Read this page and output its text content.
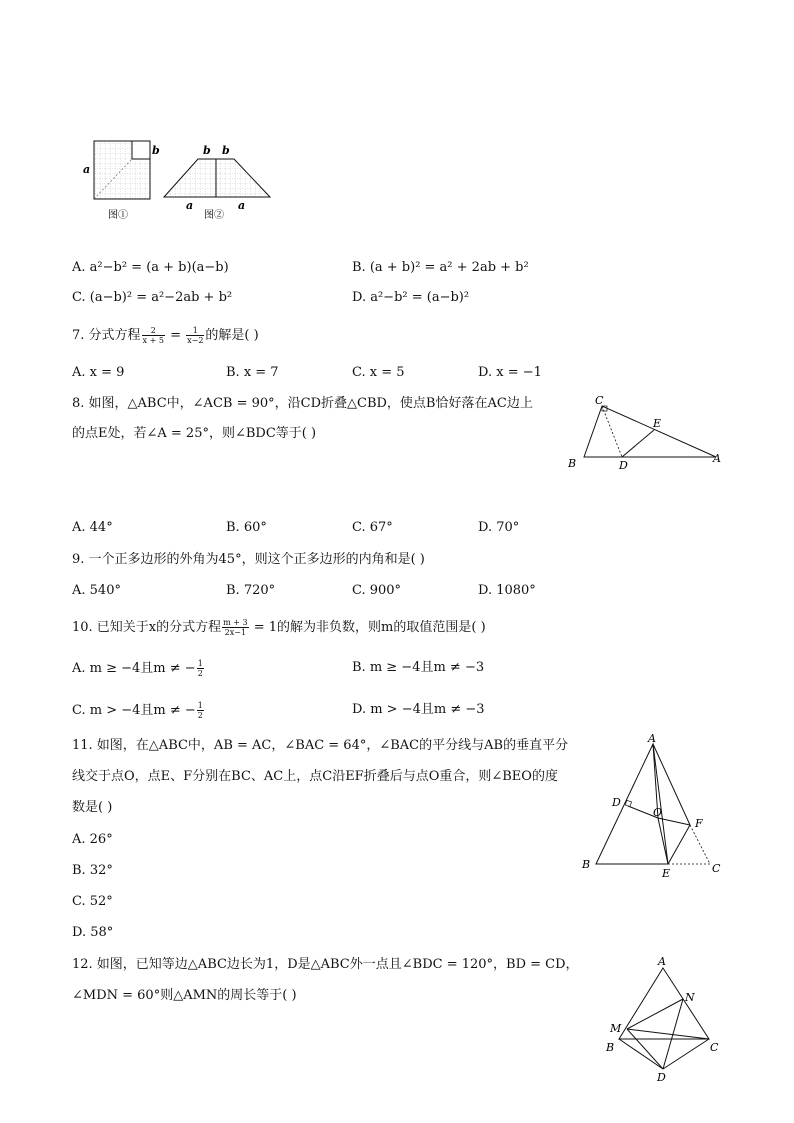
a
b
图①
b b
a	a
图②
A. a²−b² = (a + b)(a−b)	B. (a + b)² = a² + 2ab + b²
C. (a−b)² = a²−2ab + b²	D. a²−b² = (a−b)²
7. 分式方程 $\frac{2}{x + 5} = \frac{1}{x-2}$ 的解是( )
A. x = 9	B. x = 7	C. x = 5	D. x = −1
8. 如图，△ABC中，∠ACB = 90°，沿CD折叠△CBD，使点B恰好落在AC边上
的点E处，若∠A = 25°，则∠BDC等于( )
C
E
B	D
A
A. 44°	B. 60°	C. 67°	D. 70°
9. 一个正多边形的外角为45°，则这个正多边形的内角和是( )
A. 540°	B. 720°	C. 900°	D. 1080°
10. 已知关于x的分式方程 $\frac{m + 3}{2x-1} = 1$的解为非负数，则m的取值范围是( )
A. m ≥ −4且m ≠ − $\frac{1}{2}$	B. m ≥ −4且m ≠ −3
C. m > −4且m ≠ − $\frac{1}{2}$	D. m > −4且m ≠ −3
11. 如图，在△ABC中，AB = AC，∠BAC = 64°，∠BAC的平分线与AB的垂直平分
线交于点O，点E、F分别在BC、AC上，点C沿EF折叠后与点O重合，则∠BEO的度
数是( )
A. 26°
B. 32°
C. 52°
D. 58°
A
D
O
F
B
E	C
12. 如图，已知等边△ABC边长为1，D是△ABC外一点且∠BDC = 120°，BD = CD，
∠MDN = 60°则△AMN的周长等于( )
A
N
M
B	C
D
